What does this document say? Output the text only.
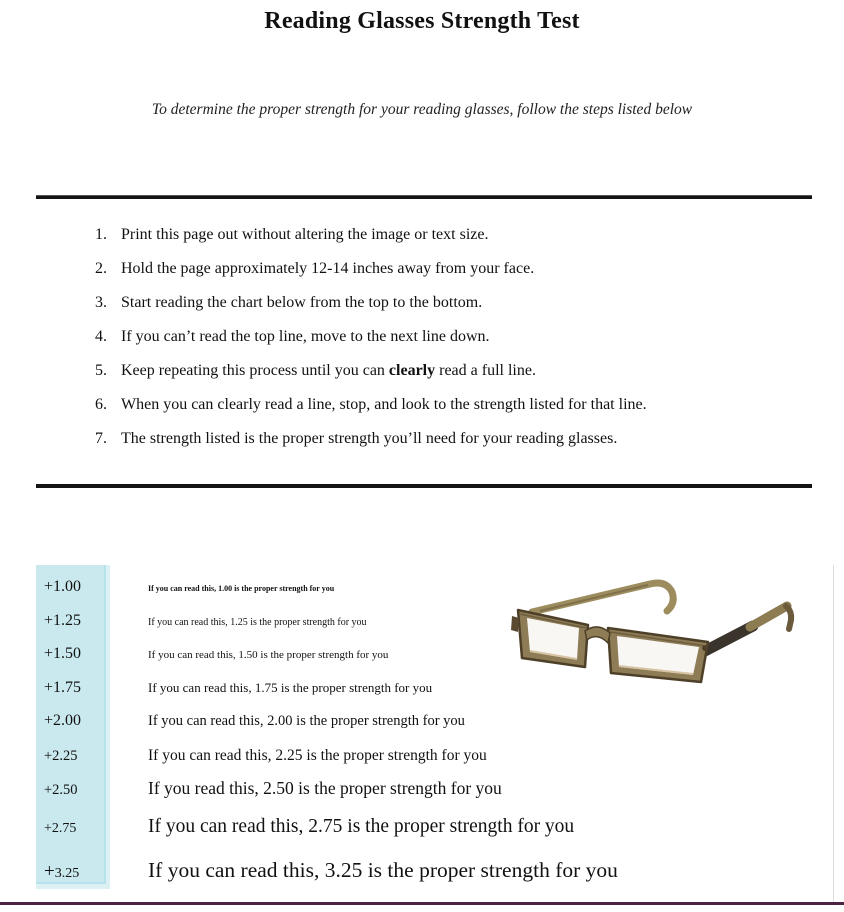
Reading Glasses Strength Test
To determine the proper strength for your reading glasses, follow the steps listed below
1. Print this page out without altering the image or text size.
2. Hold the page approximately 12-14 inches away from your face.
3. Start reading the chart below from the top to the bottom.
4. If you can’t read the top line, move to the next line down.
5. Keep repeating this process until you can clearly read a full line.
6. When you can clearly read a line, stop, and look to the strength listed for that line.
7. The strength listed is the proper strength you’ll need for your reading glasses.
+1.00	If you can read this, 1.00 is the proper strength for you
+1.25	If you can read this, 1.25 is the proper strength for you
+1.50	If you can read this, 1.50 is the proper strength for you
+1.75	If you can read this, 1.75 is the proper strength for you
+2.00	If you can read this, 2.00 is the proper strength for you
+2.25	If you can read this, 2.25 is the proper strength for you
+2.50	If you read this, 2.50 is the proper strength for you
+2.75	If you can read this, 2.75 is the proper strength for you
+3.25	If you can read this, 3.25 is the proper strength for you
